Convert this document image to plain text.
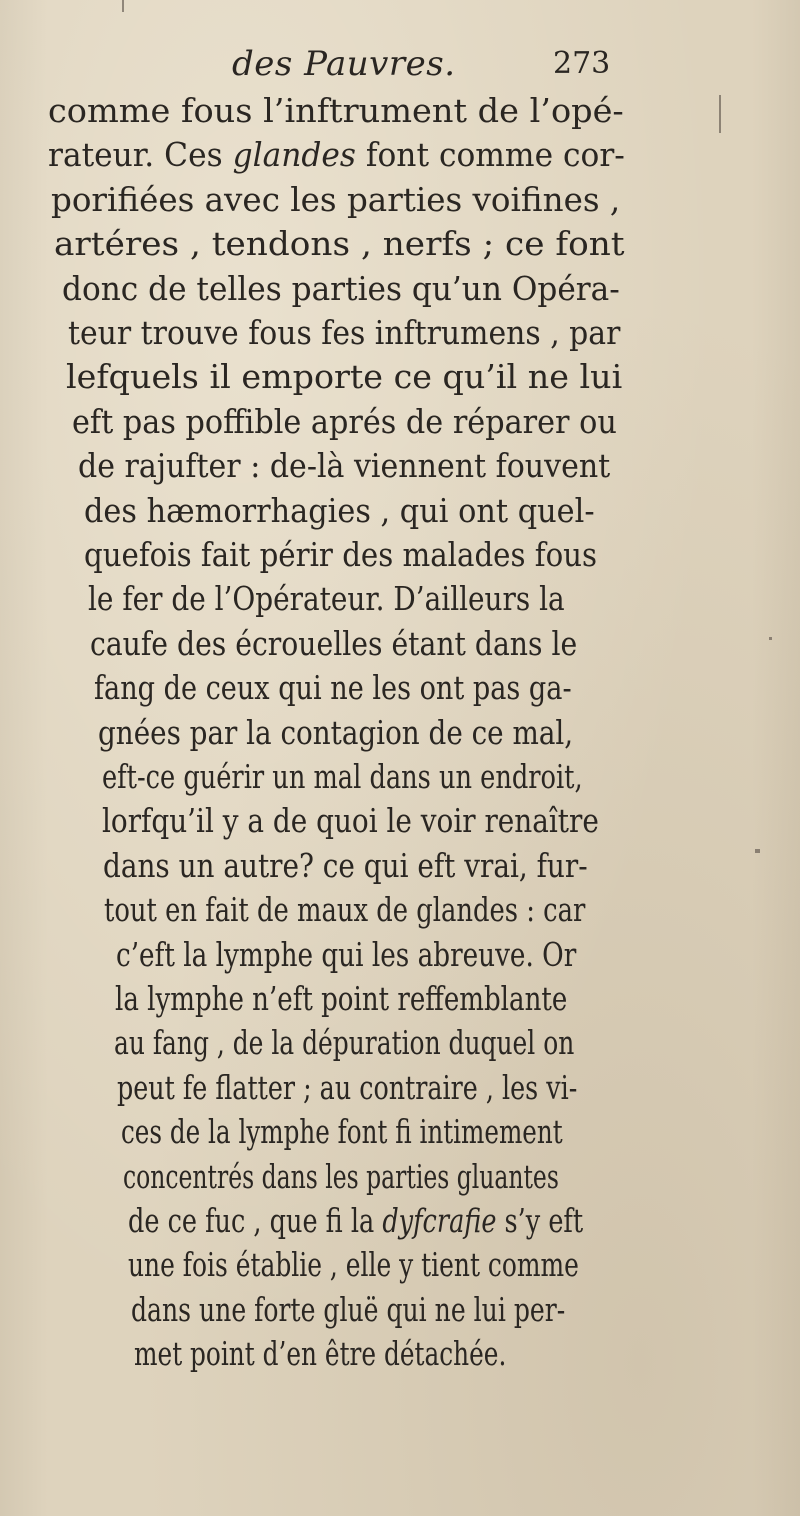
des Pauvres.	273
comme fous l’inftrument de l’opé-
rateur. Ces glandes font comme cor-
porifiées avec les parties voifines ,
artéres , tendons , nerfs ; ce font
donc de telles parties qu’un Opéra-
teur trouve fous fes inftrumens , par
lefquels il emporte ce qu’il ne lui
eft pas poffible aprés de réparer ou
de rajufter : de-là viennent fouvent
des hæmorrhagies , qui ont quel-
quefois fait périr des malades fous
le fer de l’Opérateur. D’ailleurs la
caufe des écrouelles étant dans le
fang de ceux qui ne les ont pas ga-
gnées par la contagion de ce mal,
eft-ce guérir un mal dans un endroit,
lorfqu’il y a de quoi le voir renaître
dans un autre? ce qui eft vrai, fur-
tout en fait de maux de glandes : car
c’eft la lymphe qui les abreuve. Or
la lymphe n’eft point reffemblante
au fang , de la dépuration duquel on
peut fe flatter ; au contraire , les vi-
ces de la lymphe font fi intimement
concentrés dans les parties gluantes
de ce fuc , que fi la dyfcrafie s’y eft
une fois établie , elle y tient comme
dans une forte gluë qui ne lui per-
met point d’en être détachée.
